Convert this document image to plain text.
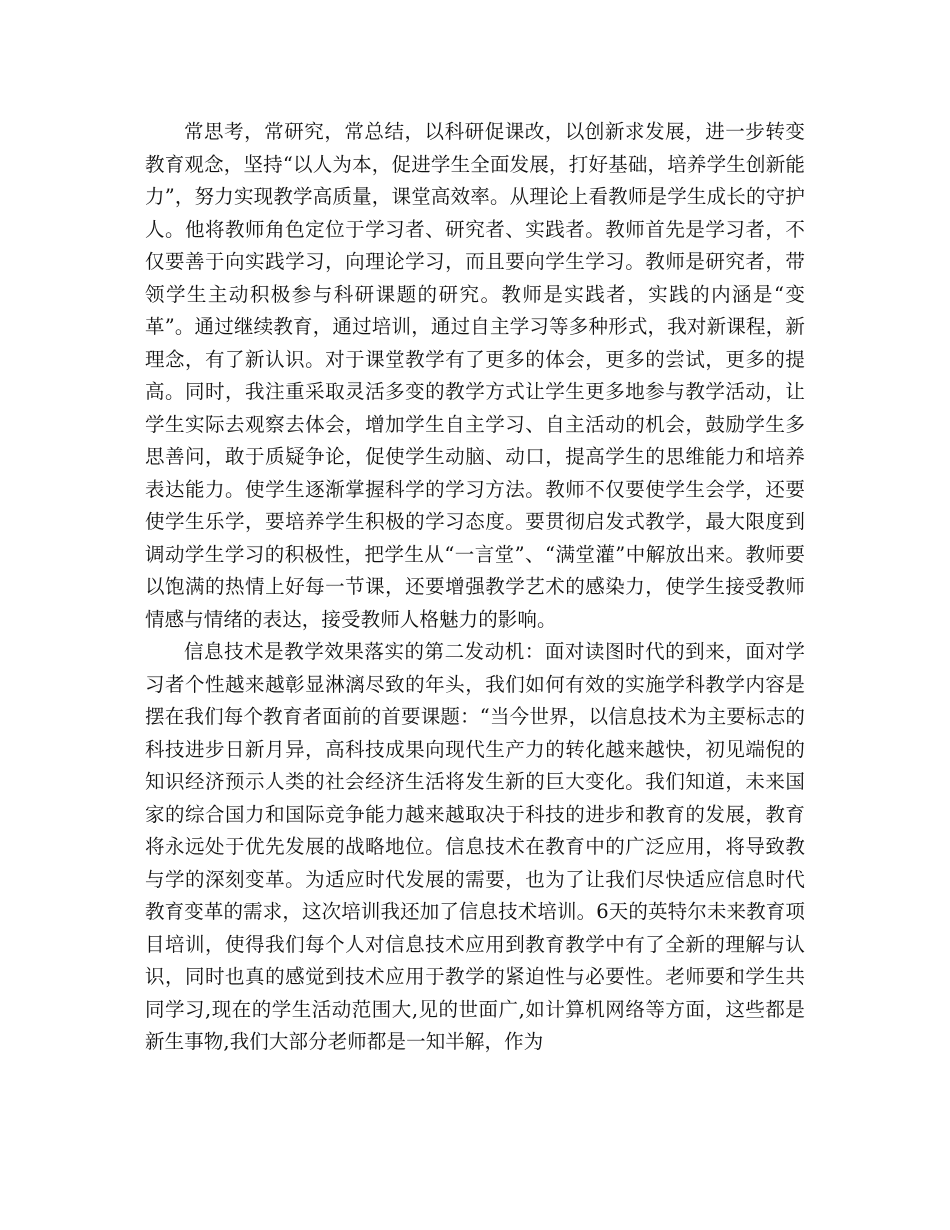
常思考，常研究，常总结，以科研促课改，以创新求发展，进一步转变教育观念，坚持“以人为本，促进学生全面发展，打好基础，培养学生创新能力”，努力实现教学高质量，课堂高效率。从理论上看教师是学生成长的守护人。他将教师角色定位于学习者、研究者、实践者。教师首先是学习者，不仅要善于向实践学习，向理论学习，而且要向学生学习。教师是研究者，带领学生主动积极参与科研课题的研究。教师是实践者，实践的内涵是“变革”。通过继续教育，通过培训，通过自主学习等多种形式，我对新课程，新理念，有了新认识。对于课堂教学有了更多的体会，更多的尝试，更多的提高。同时，我注重采取灵活多变的教学方式让学生更多地参与教学活动，让学生实际去观察去体会，增加学生自主学习、自主活动的机会，鼓励学生多思善问，敢于质疑争论，促使学生动脑、动口，提高学生的思维能力和培养表达能力。使学生逐渐掌握科学的学习方法。教师不仅要使学生会学，还要使学生乐学，要培养学生积极的学习态度。要贯彻启发式教学，最大限度到调动学生学习的积极性，把学生从“一言堂”、“满堂灌”中解放出来。教师要以饱满的热情上好每一节课，还要增强教学艺术的感染力，使学生接受教师情感与情绪的表达，接受教师人格魅力的影响。

信息技术是教学效果落实的第二发动机：面对读图时代的到来，面对学习者个性越来越彰显淋漓尽致的年头，我们如何有效的实施学科教学内容是摆在我们每个教育者面前的首要课题：“当今世界，以信息技术为主要标志的科技进步日新月异，高科技成果向现代生产力的转化越来越快，初见端倪的知识经济预示人类的社会经济生活将发生新的巨大变化。我们知道，未来国家的综合国力和国际竞争能力越来越取决于科技的进步和教育的发展，教育将永远处于优先发展的战略地位。信息技术在教育中的广泛应用，将导致教与学的深刻变革。为适应时代发展的需要，也为了让我们尽快适应信息时代教育变革的需求，这次培训我还加了信息技术培训。6天的英特尔未来教育项目培训，使得我们每个人对信息技术应用到教育教学中有了全新的理解与认识，同时也真的感觉到技术应用于教学的紧迫性与必要性。老师要和学生共同学习,现在的学生活动范围大,见的世面广,如计算机网络等方面，这些都是新生事物,我们大部分老师都是一知半解，作为
